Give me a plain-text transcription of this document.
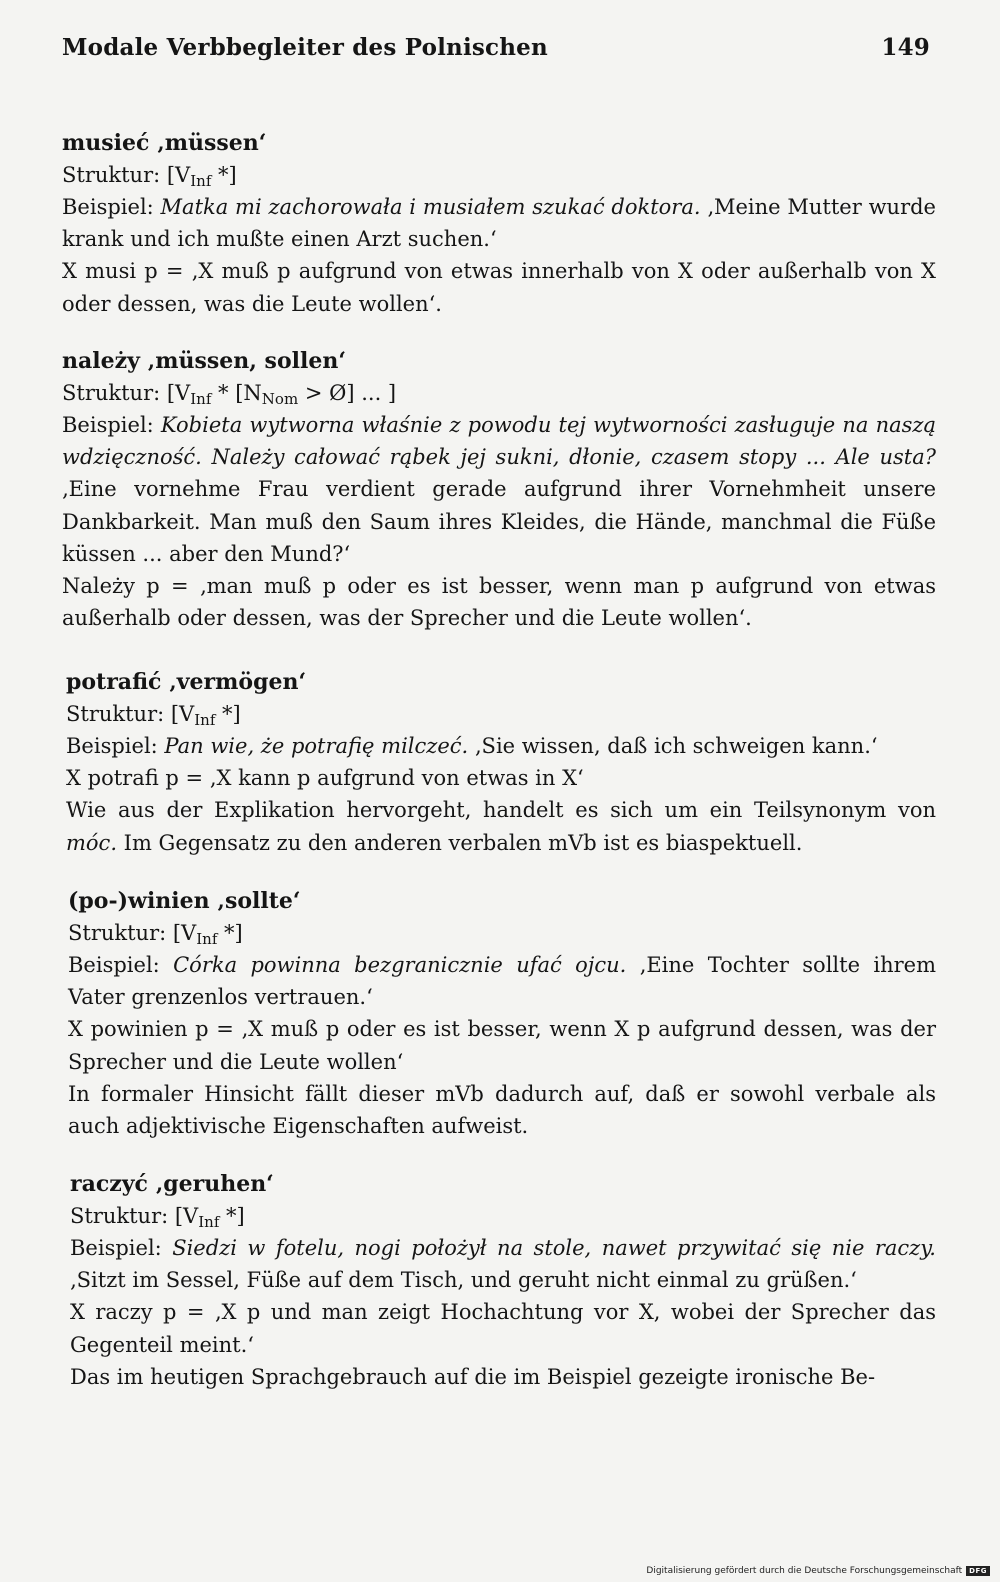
Modale Verbbegleiter des Polnischen	149
musieć ‚müssen‘
Struktur: [$V_{Inf}$ *]
Beispiel: Matka mi zachorowała i musiałem szukać doktora. ‚Meine Mutter wurde krank und ich mußte einen Arzt suchen.‘
X musi p = ‚X muß p aufgrund von etwas innerhalb von X oder außerhalb von X oder dessen, was die Leute wollen‘.
należy ‚müssen, sollen‘
Struktur: [$V_{Inf} * [N_{Nom}$ > Ø] ... ]
Beispiel: Kobieta wytworna właśnie z powodu tej wytworności zasługuje na naszą wdzięczność. Należy całować rąbek jej sukni, dłonie, czasem stopy ... Ale usta? ‚Eine vornehme Frau verdient gerade aufgrund ihrer Vornehmheit unsere Dankbarkeit. Man muß den Saum ihres Kleides, die Hände, manchmal die Füße küssen ... aber den Mund?‘
Należy p = ‚man muß p oder es ist besser, wenn man p aufgrund von etwas außerhalb oder dessen, was der Sprecher und die Leute wollen‘.
potrafić ‚vermögen‘
Struktur: [$V_{Inf}$ *]
Beispiel: Pan wie, że potrafię milczeć. ‚Sie wissen, daß ich schweigen kann.‘
X potrafi p = ‚X kann p aufgrund von etwas in X‘
Wie aus der Explikation hervorgeht, handelt es sich um ein Teilsynonym von móc. Im Gegensatz zu den anderen verbalen mVb ist es biaspektuell.
(po-)winien ‚sollte‘
Struktur: [$V_{Inf}$ *]
Beispiel: Córka powinna bezgranicznie ufać ojcu. ‚Eine Tochter sollte ihrem Vater grenzenlos vertrauen.‘
X powinien p = ‚X muß p oder es ist besser, wenn X p aufgrund dessen, was der Sprecher und die Leute wollen‘
In formaler Hinsicht fällt dieser mVb dadurch auf, daß er sowohl verbale als auch adjektivische Eigenschaften aufweist.
raczyć ‚geruhen‘
Struktur: [$V_{Inf}$ *]
Beispiel: Siedzi w fotelu, nogi położył na stole, nawet przywitać się nie raczy. ‚Sitzt im Sessel, Füße auf dem Tisch, und geruht nicht einmal zu grüßen.‘
X raczy p = ‚X p und man zeigt Hochachtung vor X, wobei der Sprecher das Gegenteil meint.‘
Das im heutigen Sprachgebrauch auf die im Beispiel gezeigte ironische Be-
Digitalisierung gefördert durch die Deutsche Forschungsgemeinschaft	DFG
